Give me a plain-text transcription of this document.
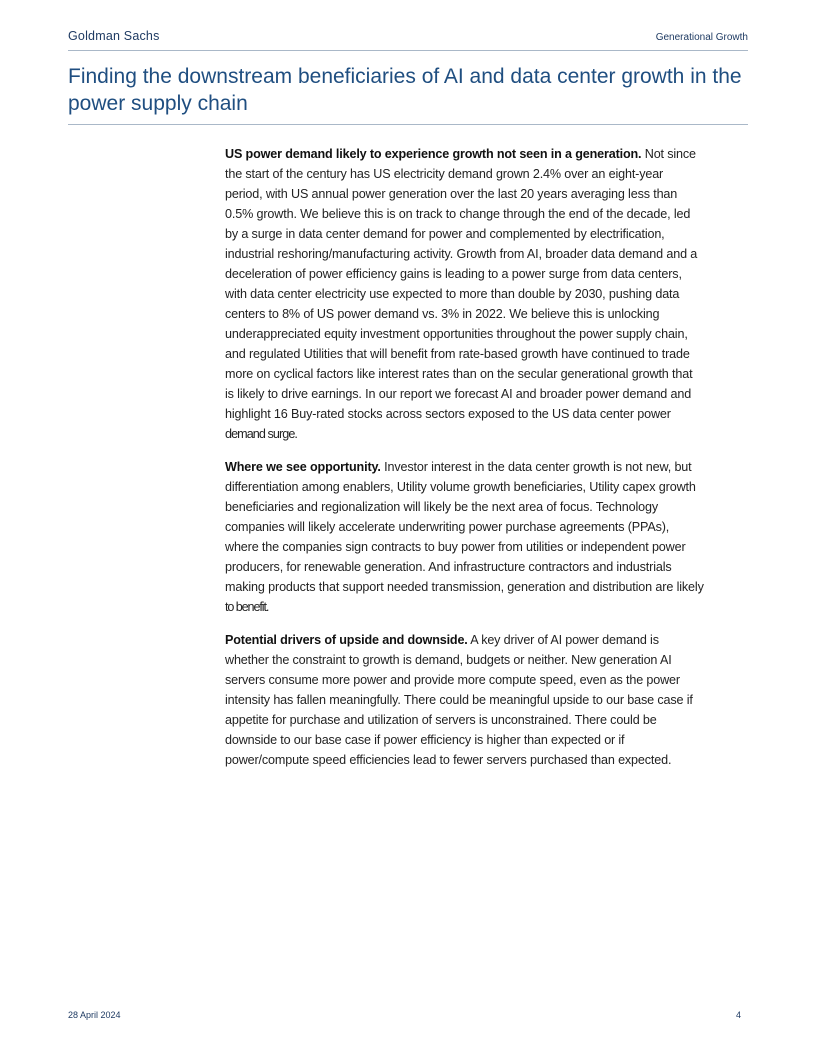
Goldman Sachs	Generational Growth
Finding the downstream beneficiaries of AI and data center growth in the power supply chain
US power demand likely to experience growth not seen in a generation. Not since
the start of the century has US electricity demand grown 2.4% over an eight-year
period, with US annual power generation over the last 20 years averaging less than
0.5% growth. We believe this is on track to change through the end of the decade, led
by a surge in data center demand for power and complemented by electrification,
industrial reshoring/manufacturing activity. Growth from AI, broader data demand and a
deceleration of power efficiency gains is leading to a power surge from data centers,
with data center electricity use expected to more than double by 2030, pushing data
centers to 8% of US power demand vs. 3% in 2022. We believe this is unlocking
underappreciated equity investment opportunities throughout the power supply chain,
and regulated Utilities that will benefit from rate-based growth have continued to trade
more on cyclical factors like interest rates than on the secular generational growth that
is likely to drive earnings. In our report we forecast AI and broader power demand and
highlight 16 Buy-rated stocks across sectors exposed to the US data center power
demand surge.
Where we see opportunity. Investor interest in the data center growth is not new, but
differentiation among enablers, Utility volume growth beneficiaries, Utility capex growth
beneficiaries and regionalization will likely be the next area of focus. Technology
companies will likely accelerate underwriting power purchase agreements (PPAs),
where the companies sign contracts to buy power from utilities or independent power
producers, for renewable generation. And infrastructure contractors and industrials
making products that support needed transmission, generation and distribution are likely
to benefit.
Potential drivers of upside and downside. A key driver of AI power demand is
whether the constraint to growth is demand, budgets or neither. New generation AI
servers consume more power and provide more compute speed, even as the power
intensity has fallen meaningfully. There could be meaningful upside to our base case if
appetite for purchase and utilization of servers is unconstrained. There could be
downside to our base case if power efficiency is higher than expected or if
power/compute speed efficiencies lead to fewer servers purchased than expected.
28 April 2024	4
